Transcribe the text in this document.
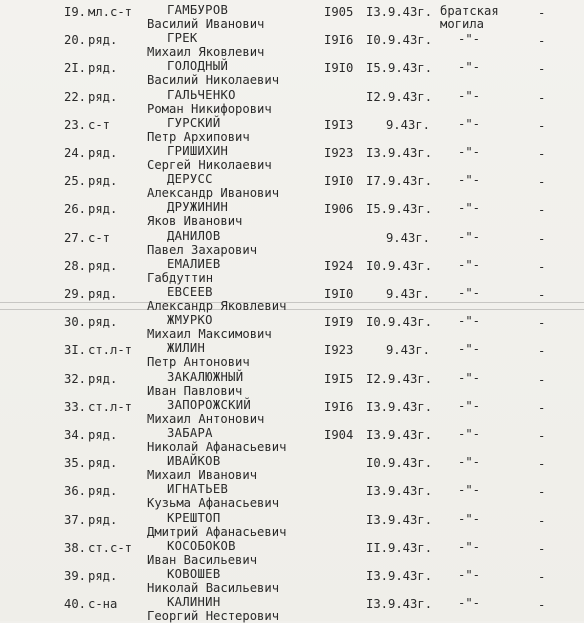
I9. мл.с-т	ГАМБУРОВ
Василий Иванович
I905 I3.9.43г. братская
могила
-
20. ряд.	ГРЕК
Михаил Яковлевич
I9I6 I0.9.43г. -"-	-
2I. ряд.	ГОЛОДНЫЙ
Василий Николаевич
I9I0 I5.9.43г. -"-	-
22. ряд.	ГАЛЬЧЕНКО
Роман Никифорович
I2.9.43г. -"-	-
23. с-т	ГУРСКИЙ
Петр Архипович
I9I3	9.43г. -"-	-
24. ряд.	ГРИШИХИН
Сергей Николаевич
I923 I3.9.43г. -"-	-
25. ряд.	ДЕРУСС
Александр Иванович
I9I0 I7.9.43г. -"-	-
26. ряд.	ДРУЖИНИН
Яков Иванович
I906 I5.9.43г. -"-	-
27. с-т	ДАНИЛОВ
Павел Захарович
9.43г. -"-	-
28. ряд.	ЕМАЛИЕВ
Габдуттин
I924 I0.9.43г. -"-	-
29. ряд.	ЕВСЕЕВ
Александр Яковлевич
I9I0	9.43г. -"-	-
30. ряд.	ЖМУРКО
Михаил Максимович
I9I9 I0.9.43г. -"-	-
3I. ст.л-т	ЖИЛИН
Петр Антонович
I923	9.43г. -"-	-
32. ряд.	ЗАКАЛЮЖНЫЙ
Иван Павлович
I9I5 I2.9.43г. -"-	-
33. ст.л-т	ЗАПОРОЖСКИЙ
Михаил Антонович
I9I6 I3.9.43г. -"-	-
34. ряд.	ЗАБАРА
Николай Афанасьевич
I904 I3.9.43г. -"-	-
35. ряд.	ИВАЙКОВ
Михаил Иванович
I0.9.43г. -"-	-
36. ряд.	ИГНАТЬЕВ
Кузьма Афанасьевич
I3.9.43г. -"-	-
37. ряд.	КРЕШТОП
Дмитрий Афанасьевич
I3.9.43г. -"-	-
38. ст.с-т	КОСОБОКОВ
Иван Васильевич
II.9.43г. -"-	-
39. ряд.	КОВОШЕВ
Николай Васильевич
I3.9.43г. -"-	-
40. с-на	КАЛИНИН
Георгий Нестерович
I3.9.43г. -"-	-
